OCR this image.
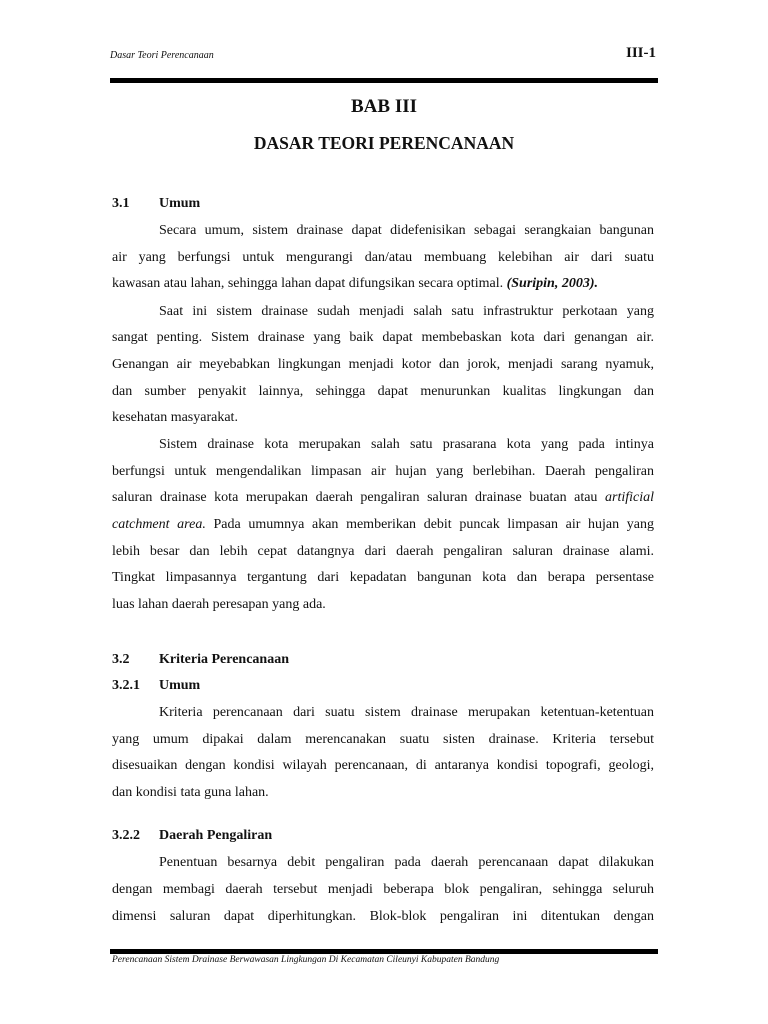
Dasar Teori Perencanaan	III-1
BAB III
DASAR TEORI PERENCANAAN
3.1 Umum
Secara umum, sistem drainase dapat didefenisikan sebagai serangkaian bangunan
air yang berfungsi untuk mengurangi dan/atau membuang kelebihan air dari suatu
kawasan atau lahan, sehingga lahan dapat difungsikan secara optimal. (Suripin, 2003).
Saat ini sistem drainase sudah menjadi salah satu infrastruktur perkotaan yang
sangat penting. Sistem drainase yang baik dapat membebaskan kota dari genangan air.
Genangan air meyebabkan lingkungan menjadi kotor dan jorok, menjadi sarang nyamuk,
dan sumber penyakit lainnya, sehingga dapat menurunkan kualitas lingkungan dan
kesehatan masyarakat.
Sistem drainase kota merupakan salah satu prasarana kota yang pada intinya
berfungsi untuk mengendalikan limpasan air hujan yang berlebihan. Daerah pengaliran
saluran drainase kota merupakan daerah pengaliran saluran drainase buatan atau artificial
catchment area. Pada umumnya akan memberikan debit puncak limpasan air hujan yang
lebih besar dan lebih cepat datangnya dari daerah pengaliran saluran drainase alami.
Tingkat limpasannya tergantung dari kepadatan bangunan kota dan berapa persentase
luas lahan daerah peresapan yang ada.
3.2 Kriteria Perencanaan
3.2.1 Umum
Kriteria perencanaan dari suatu sistem drainase merupakan ketentuan-ketentuan
yang umum dipakai dalam merencanakan suatu sisten drainase. Kriteria tersebut
disesuaikan dengan kondisi wilayah perencanaan, di antaranya kondisi topografi, geologi,
dan kondisi tata guna lahan.
3.2.2 Daerah Pengaliran
Penentuan besarnya debit pengaliran pada daerah perencanaan dapat dilakukan
dengan membagi daerah tersebut menjadi beberapa blok pengaliran, sehingga seluruh
dimensi saluran dapat diperhitungkan. Blok-blok pengaliran ini ditentukan dengan
Perencanaan Sistem Drainase Berwawasan Lingkungan Di Kecamatan Cileunyi Kabupaten Bandung
